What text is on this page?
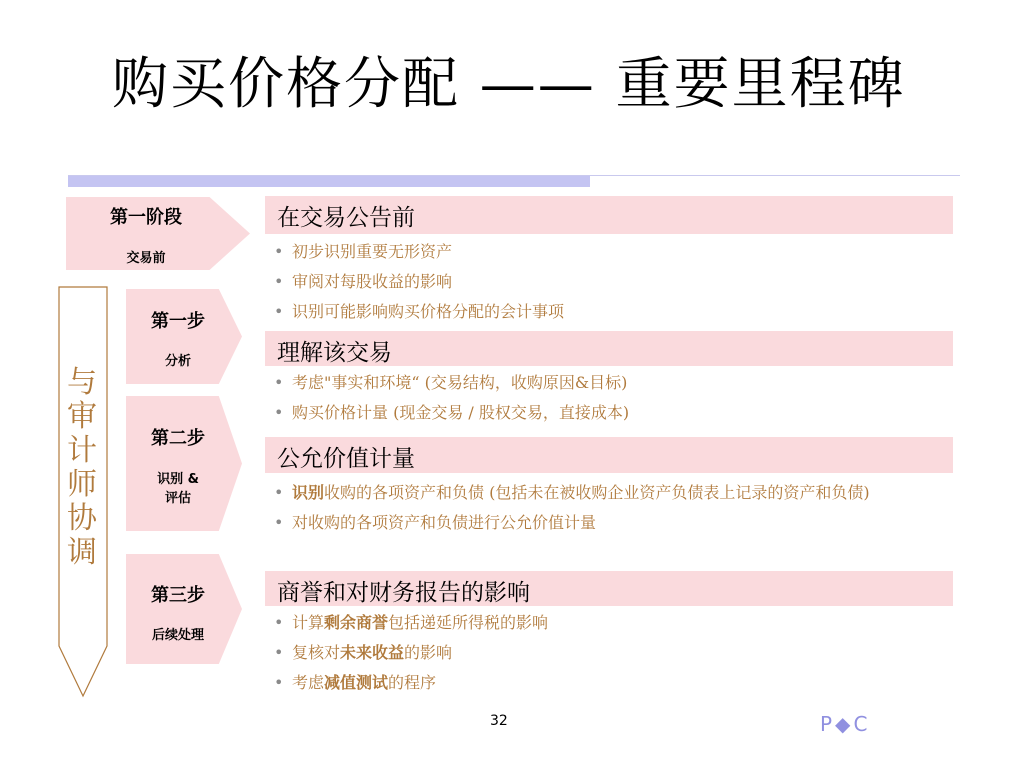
购买价格分配 —— 重要里程碑
第一阶段
交易前
第一步
分析
第二步
识别 &
评估
第三步
后续处理
与审计师协调
在交易公告前
• 初步识别重要无形资产
• 审阅对每股收益的影响
• 识别可能影响购买价格分配的会计事项
理解该交易
• 考虑"事实和环境“ (交易结构，收购原因&目标)
• 购买价格计量 (现金交易 / 股权交易，直接成本)
公允价值计量
• 识别收购的各项资产和负债 (包括未在被收购企业资产负债表上记录的资产和负债)
• 对收购的各项资产和负债进行公允价值计量
商誉和对财务报告的影响
• 计算剩余商誉包括递延所得税的影响
• 复核对未来收益的影响
• 考虑减值测试的程序
32	P◆C
